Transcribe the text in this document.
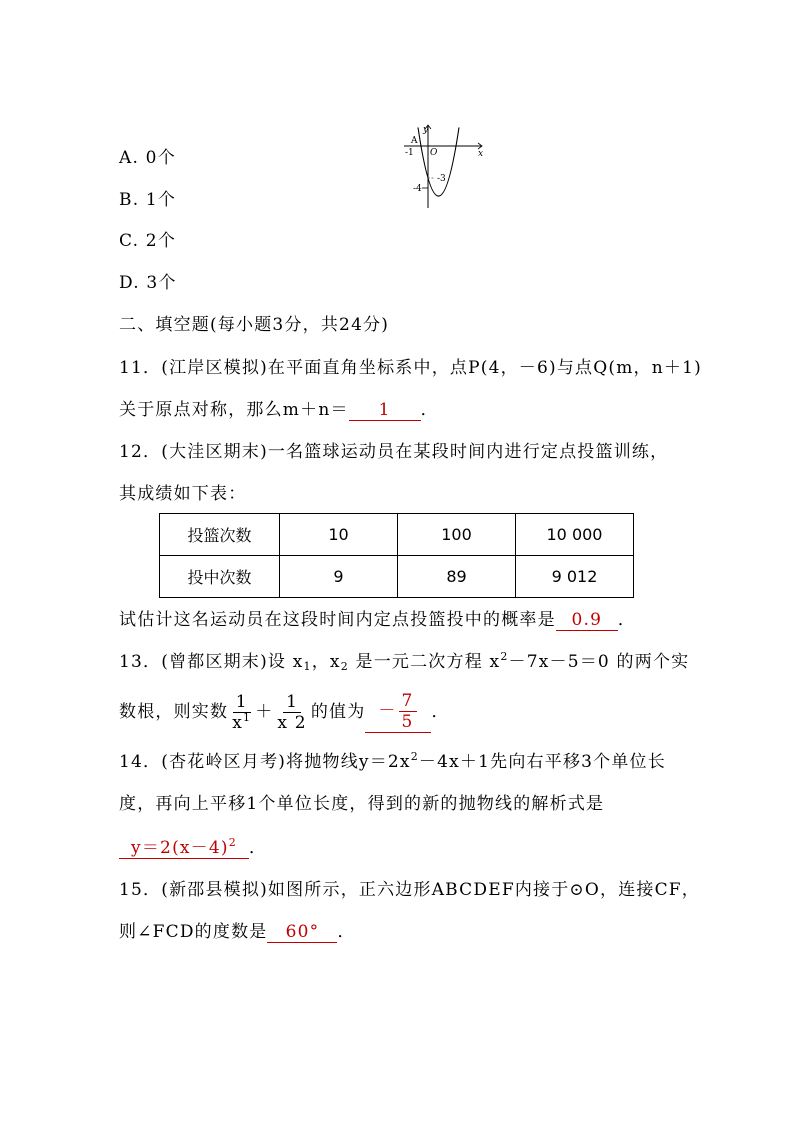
A. 0个
B. 1个
C. 2个
D. 3个
y
x
A
-1 O
-3
-4
二、填空题(每小题3分，共24分)
11．(江岸区模拟)在平面直角坐标系中，点P(4，－6)与点Q(m，n＋1)
关于原点对称，那么m＋n＝ 1 ．
12．(大洼区期末)一名篮球运动员在某段时间内进行定点投篮训练，
其成绩如下表：
投篮次数	10	100	10 000
投中次数	9	89	9 012
试估计这名运动员在这段时间内定点投篮投中的概率是 0.9 ．
13．(曾都区期末)设 $x_1$，$x_2$ 是一元二次方程 $x^2-7x-5=0$ 的两个实
数根，则实数 $\frac{1}{x^1} + \frac{1}{x 2}$ 的值为 － $\frac{7}{5}$ ．
14．(杏花岭区月考)将抛物线$y=2x^2-4x+1$先向右平移3个单位长
度，再向上平移1个单位长度，得到的新的抛物线的解析式是
$y=2(x-4)^2$ ．
15．(新邵县模拟)如图所示，正六边形ABCDEF内接于⊙O，连接CF，
则∠FCD的度数是 60° ．
